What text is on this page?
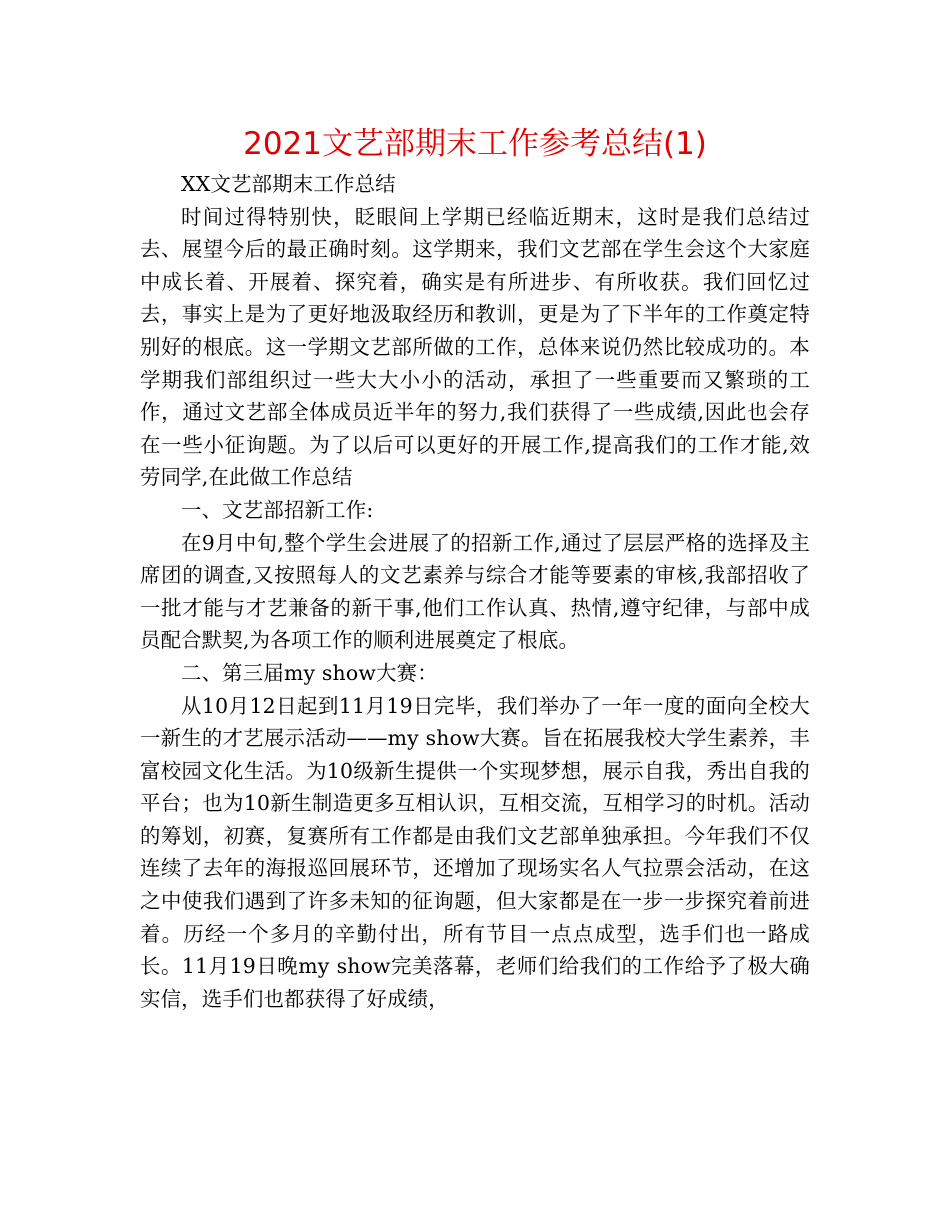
2021文艺部期末工作参考总结(1)

XX文艺部期末工作总结

时间过得特别快，眨眼间上学期已经临近期末，这时是我们总结过去、展望今后的最正确时刻。这学期来，我们文艺部在学生会这个大家庭中成长着、开展着、探究着，确实是有所进步、有所收获。我们回忆过去，事实上是为了更好地汲取经历和教训，更是为了下半年的工作奠定特别好的根底。这一学期文艺部所做的工作，总体来说仍然比较成功的。本学期我们部组织过一些大大小小的活动，承担了一些重要而又繁琐的工作，通过文艺部全体成员近半年的努力,我们获得了一些成绩,因此也会存在一些小征询题。为了以后可以更好的开展工作,提高我们的工作才能,效劳同学,在此做工作总结

一、文艺部招新工作:

在9月中旬,整个学生会进展了的招新工作,通过了层层严格的选择及主席团的调查,又按照每人的文艺素养与综合才能等要素的审核,我部招收了一批才能与才艺兼备的新干事,他们工作认真、热情,遵守纪律，与部中成员配合默契,为各项工作的顺利进展奠定了根底。

二、第三届my show大赛：

从10月12日起到11月19日完毕，我们举办了一年一度的面向全校大一新生的才艺展示活动——my show大赛。旨在拓展我校大学生素养，丰富校园文化生活。为10级新生提供一个实现梦想，展示自我，秀出自我的平台；也为10新生制造更多互相认识，互相交流，互相学习的时机。活动的筹划，初赛，复赛所有工作都是由我们文艺部单独承担。今年我们不仅连续了去年的海报巡回展环节，还增加了现场实名人气拉票会活动，在这之中使我们遇到了许多未知的征询题，但大家都是在一步一步探究着前进着。历经一个多月的辛勤付出，所有节目一点点成型，选手们也一路成长。11月19日晚my show完美落幕，老师们给我们的工作给予了极大确实信，选手们也都获得了好成绩，
